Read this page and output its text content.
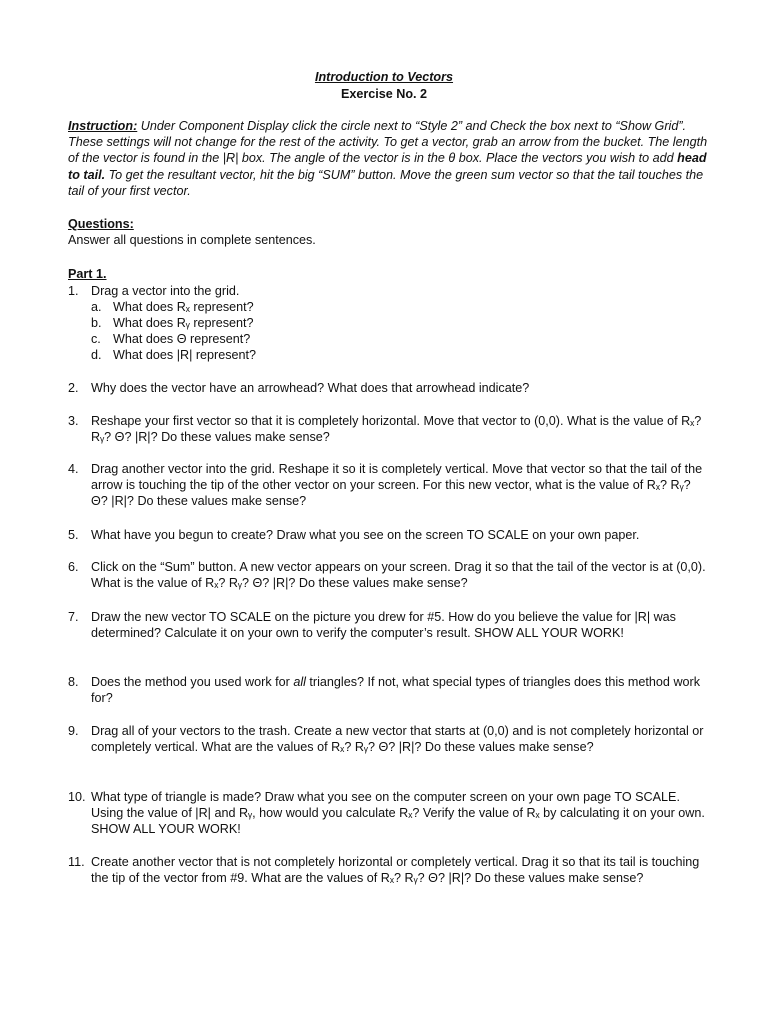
Introduction to Vectors
Exercise No. 2
Instruction: Under Component Display click the circle next to “Style 2” and Check the box next to “Show Grid”. These settings will not change for the rest of the activity. To get a vector, grab an arrow from the bucket. The length of the vector is found in the |R| box. The angle of the vector is in the θ box. Place the vectors you wish to add head to tail. To get the resultant vector, hit the big “SUM” button. Move the green sum vector so that the tail touches the tail of your first vector.
Questions:
Answer all questions in complete sentences.
Part 1.
1. Drag a vector into the grid.
a. What does Rₓ represent?
b. What does Rᵧ represent?
c. What does Θ represent?
d. What does |R| represent?
2. Why does the vector have an arrowhead? What does that arrowhead indicate?
3. Reshape your first vector so that it is completely horizontal. Move that vector to (0,0). What is the value of Rₓ? Rᵧ? Θ? |R|? Do these values make sense?
4. Drag another vector into the grid. Reshape it so it is completely vertical. Move that vector so that the tail of the arrow is touching the tip of the other vector on your screen. For this new vector, what is the value of Rₓ? Rᵧ? Θ? |R|? Do these values make sense?
5. What have you begun to create? Draw what you see on the screen TO SCALE on your own paper.
6. Click on the “Sum” button. A new vector appears on your screen. Drag it so that the tail of the vector is at (0,0). What is the value of Rₓ? Rᵧ? Θ? |R|? Do these values make sense?
7. Draw the new vector TO SCALE on the picture you drew for #5. How do you believe the value for |R| was determined? Calculate it on your own to verify the computer’s result. SHOW ALL YOUR WORK!
8. Does the method you used work for all triangles? If not, what special types of triangles does this method work for?
9. Drag all of your vectors to the trash. Create a new vector that starts at (0,0) and is not completely horizontal or completely vertical. What are the values of Rₓ? Rᵧ? Θ? |R|? Do these values make sense?
10. What type of triangle is made? Draw what you see on the computer screen on your own page TO SCALE. Using the value of |R| and Rᵧ, how would you calculate Rₓ? Verify the value of Rₓ by calculating it on your own. SHOW ALL YOUR WORK!
11. Create another vector that is not completely horizontal or completely vertical. Drag it so that its tail is touching the tip of the vector from #9. What are the values of Rₓ? Rᵧ? Θ? |R|? Do these values make sense?
